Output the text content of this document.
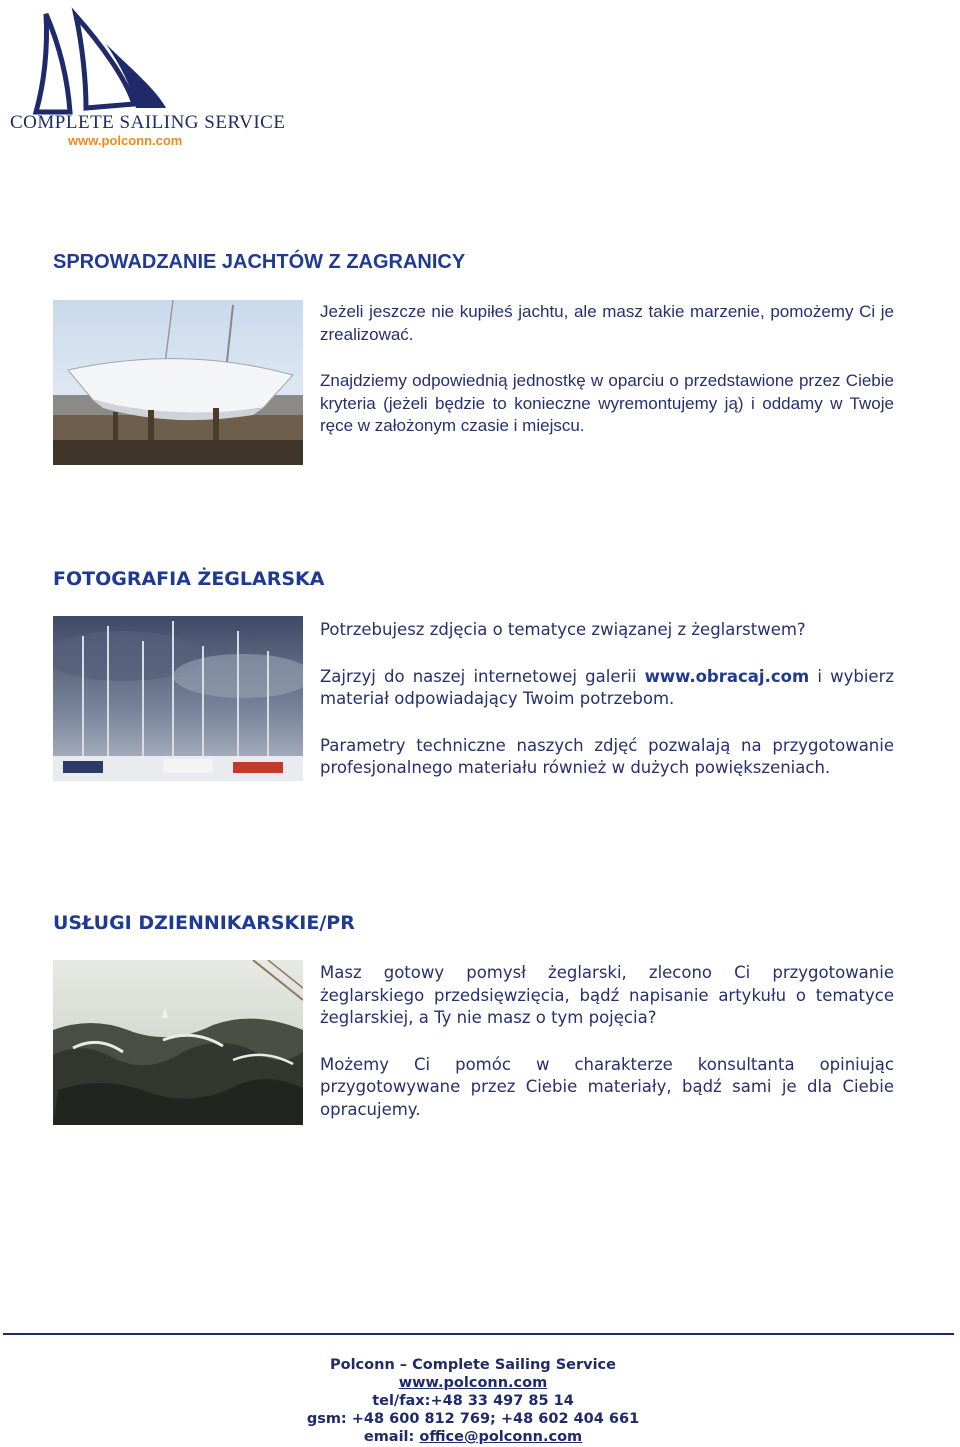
COMPLETE SAILING SERVICE
www.polconn.com
SPROWADZANIE JACHTÓW Z ZAGRANICY

Jeżeli jeszcze nie kupiłeś jachtu, ale masz takie marzenie, pomożemy Ci je zrealizować.

Znajdziemy odpowiednią jednostkę w oparciu o przedstawione przez Ciebie kryteria (jeżeli będzie to konieczne wyremontujemy ją) i oddamy w Twoje ręce w założonym czasie i miejscu.

FOTOGRAFIA ŻEGLARSKA

Potrzebujesz zdjęcia o tematyce związanej z żeglarstwem?

Zajrzyj do naszej internetowej galerii www.obracaj.com i wybierz materiał odpowiadający Twoim potrzebom.

Parametry techniczne naszych zdjęć pozwalają na przygotowanie profesjonalnego materiału również w dużych powiększeniach.

USŁUGI DZIENNIKARSKIE/PR

Masz gotowy pomysł żeglarski, zlecono Ci przygotowanie żeglarskiego przedsięwzięcia, bądź napisanie artykułu o tematyce żeglarskiej, a Ty nie masz o tym pojęcia?

Możemy Ci pomóc w charakterze konsultanta opiniując przygotowywane przez Ciebie materiały, bądź sami je dla Ciebie opracujemy.

Polconn – Complete Sailing Service
www.polconn.com
tel/fax:+48 33 497 85 14
gsm: +48 600 812 769; +48 602 404 661
email: office@polconn.com
